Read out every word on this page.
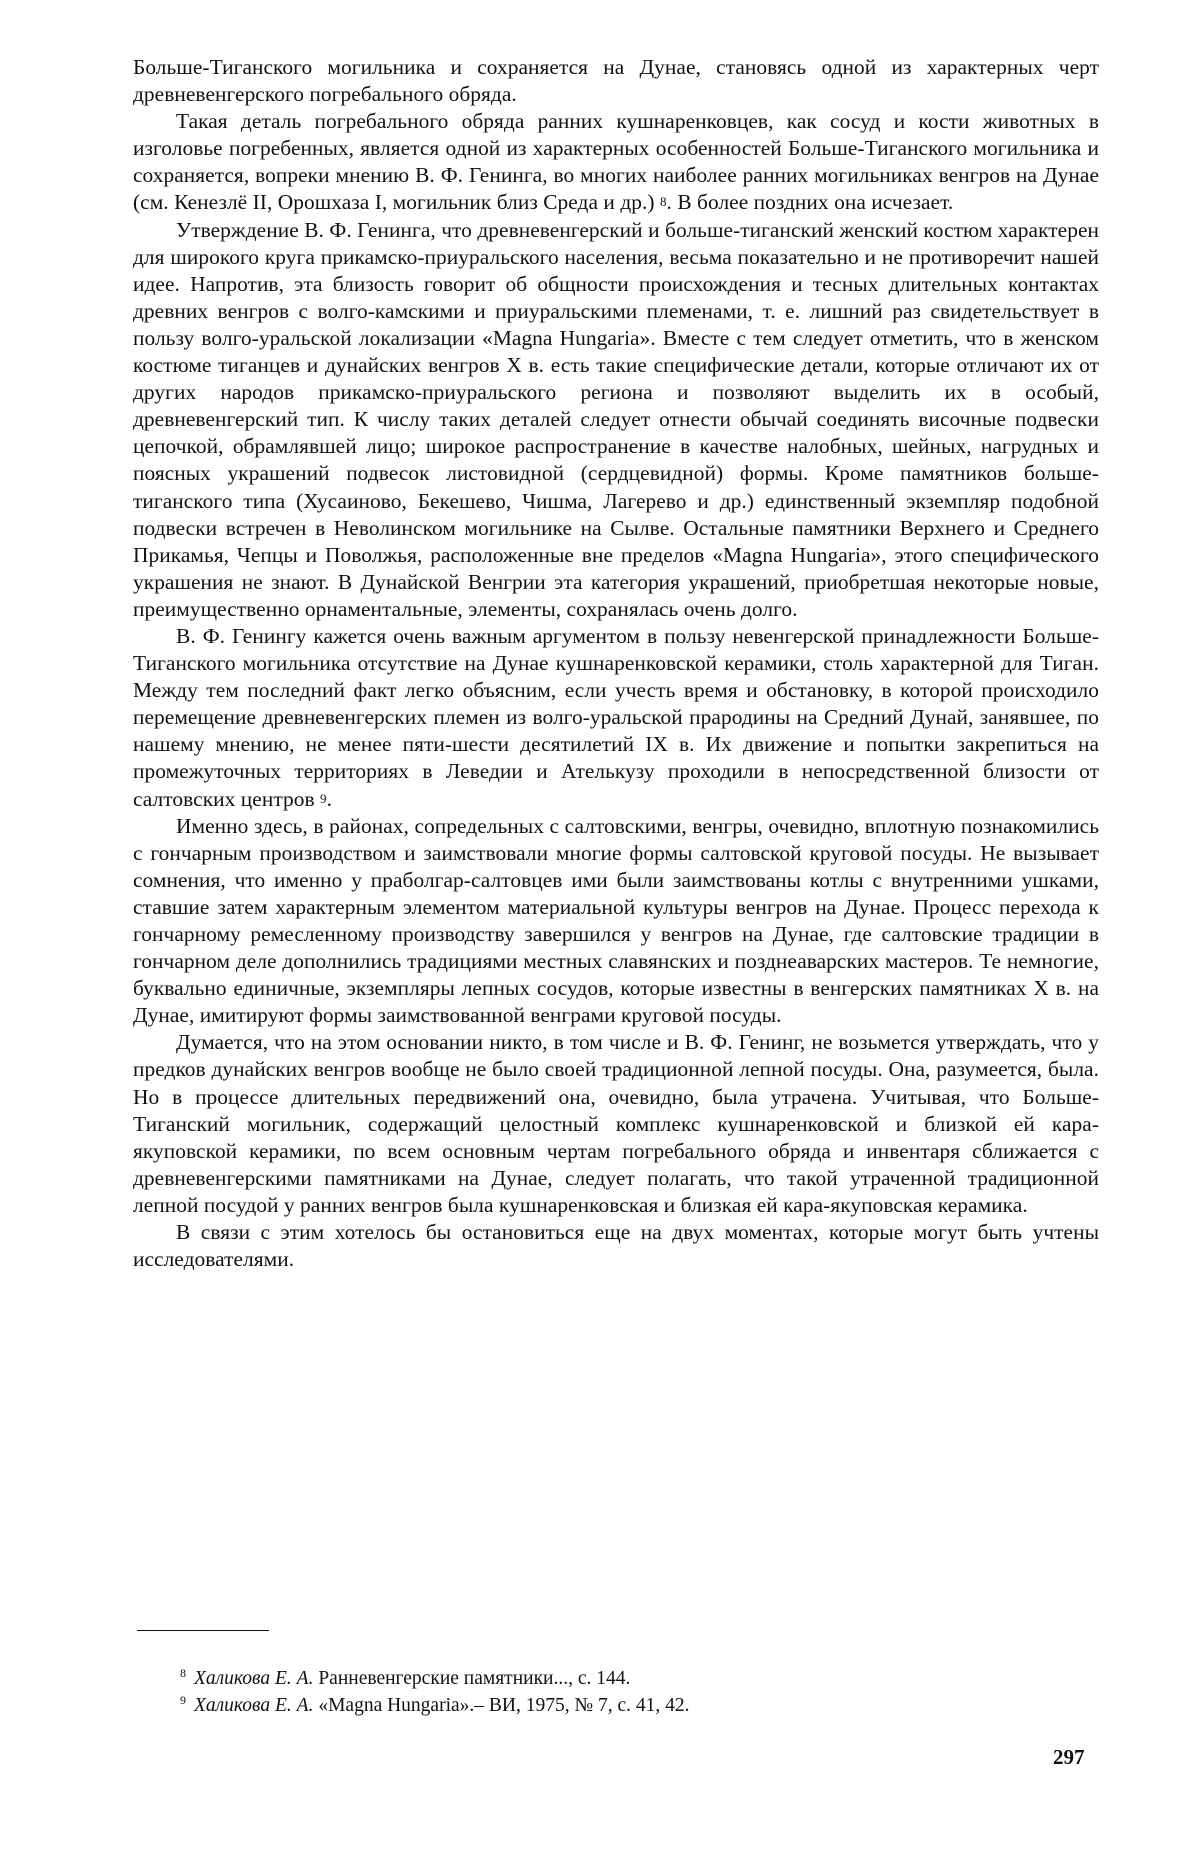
Больше-Тиганского могильника и сохраняется на Дунае, становясь одной из характерных черт древневенгерского погребального обряда.

Такая деталь погребального обряда ранних кушнаренковцев, как сосуд и кости животных в изголовье погребенных, является одной из характерных особенностей Больше-Тиганского могильника и сохраняется, вопреки мнению В. Ф. Генинга, во многих наиболее ранних могильниках венгров на Дунае (см. Кенезлё II, Орошхаза I, могильник близ Среда и др.) $^8$. В более поздних она исчезает.

Утверждение В. Ф. Генинга, что древневенгерский и больше-тиганский женский костюм характерен для широкого круга прикамско-приуральского населения, весьма показательно и не противоречит нашей идее. Напротив, эта близость говорит об общности происхождения и тесных длительных контактах древних венгров с волго-камскими и приуральскими племенами, т. е. лишний раз свидетельствует в пользу волго-уральской локализации «Magna Hungaria». Вместе с тем следует отметить, что в женском костюме тиганцев и дунайских венгров X в. есть такие специфические детали, которые отличают их от других народов прикамско-приуральского региона и позволяют выделить их в особый, древневенгерский тип. К числу таких деталей следует отнести обычай соединять височные подвески цепочкой, обрамлявшей лицо; широкое распространение в качестве налобных, шейных, нагрудных и поясных украшений подвесок листовидной (сердцевидной) формы. Кроме памятников больше-тиганского типа (Хусаиново, Бекешево, Чишма, Лагерево и др.) единственный экземпляр подобной подвески встречен в Неволинском могильнике на Сылве. Остальные памятники Верхнего и Среднего Прикамья, Чепцы и Поволжья, расположенные вне пределов «Magna Hungaria», этого специфического украшения не знают. В Дунайской Венгрии эта категория украшений, приобретшая некоторые новые, преимущественно орнаментальные, элементы, сохранялась очень долго.

В. Ф. Генингу кажется очень важным аргументом в пользу невенгерской принадлежности Больше-Тиганского могильника отсутствие на Дунае кушнаренковской керамики, столь характерной для Тиган. Между тем последний факт легко объясним, если учесть время и обстановку, в которой происходило перемещение древневенгерских племен из волго-уральской прародины на Средний Дунай, занявшее, по нашему мнению, не менее пяти-шести десятилетий IX в. Их движение и попытки закрепиться на промежуточных территориях в Леведии и Ателькузу проходили в непосредственной близости от салтовских центров $^9$.

Именно здесь, в районах, сопредельных с салтовскими, венгры, очевидно, вплотную познакомились с гончарным производством и заимствовали многие формы салтовской круговой посуды. Не вызывает сомнения, что именно у праболгар-салтовцев ими были заимствованы котлы с внутренними ушками, ставшие затем характерным элементом материальной культуры венгров на Дунае. Процесс перехода к гончарному ремесленному производству завершился у венгров на Дунае, где салтовские традиции в гончарном деле дополнились традициями местных славянских и позднеаварских мастеров. Те немногие, буквально единичные, экземпляры лепных сосудов, которые известны в венгерских памятниках X в. на Дунае, имитируют формы заимствованной венграми круговой посуды.

Думается, что на этом основании никто, в том числе и В. Ф. Генинг, не возьмется утверждать, что у предков дунайских венгров вообще не было своей традиционной лепной посуды. Она, разумеется, была. Но в процессе длительных передвижений она, очевидно, была утрачена. Учитывая, что Больше-Тиганский могильник, содержащий целостный комплекс кушнаренковской и близкой ей кара-якуповской керамики, по всем основным чертам погребального обряда и инвентаря сближается с древневенгерскими памятниками на Дунае, следует полагать, что такой утраченной традиционной лепной посудой у ранних венгров была кушнаренковская и близкая ей кара-якуповская керамика.

В связи с этим хотелось бы остановиться еще на двух моментах, которые могут быть учтены исследователями.

$^8$ Халикова Е. А. Ранневенгерские памятники..., с. 144.
$^9$ Халикова Е. А. «Magna Hungaria».– ВИ, 1975, № 7, с. 41, 42.
297
